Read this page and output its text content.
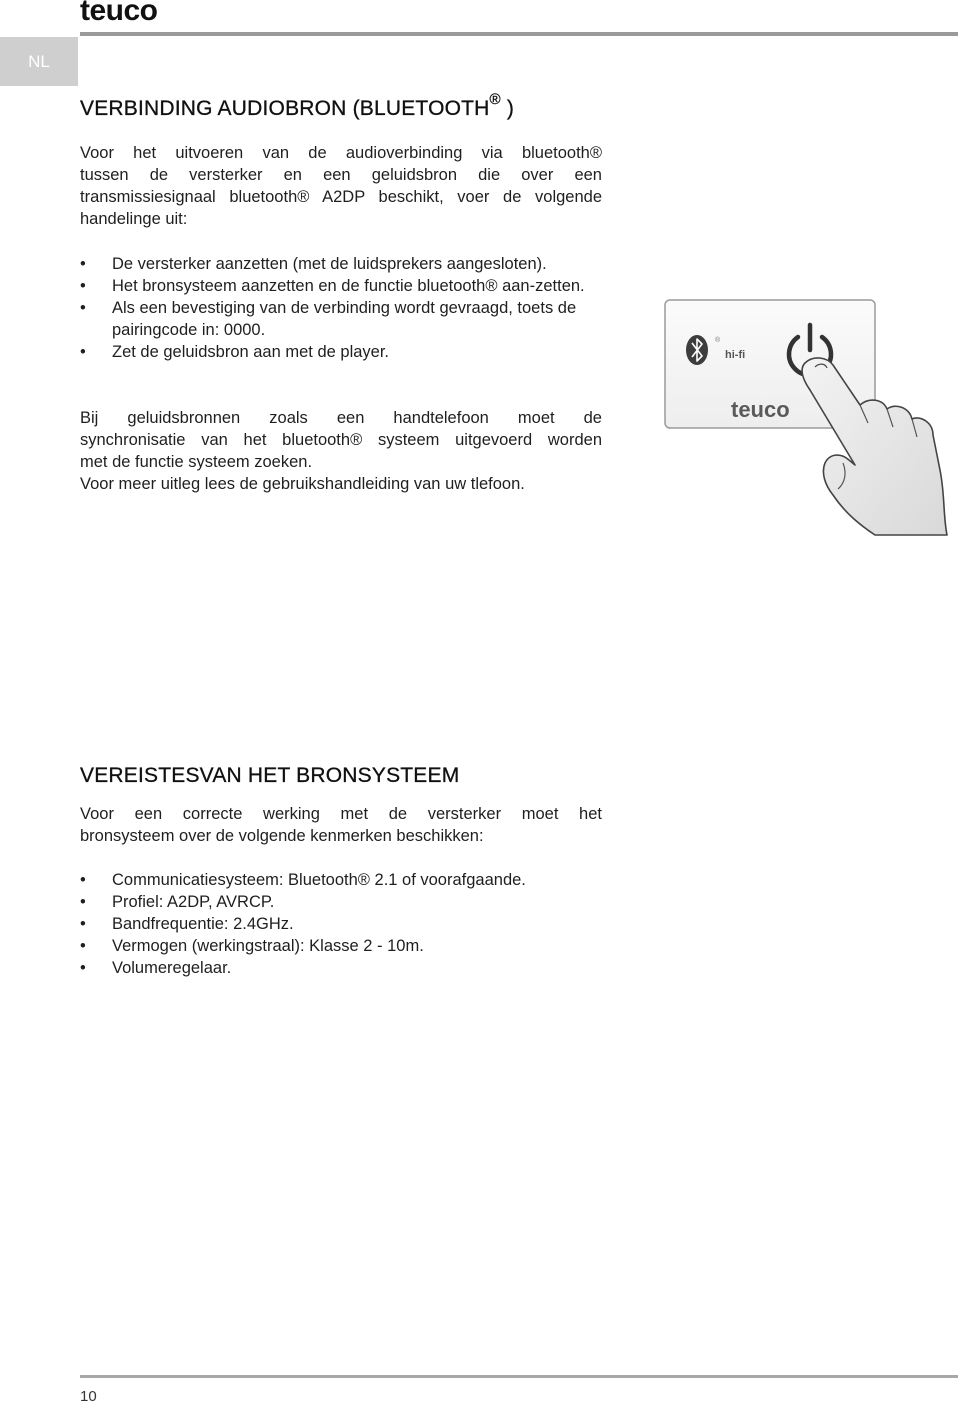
teuco
NL
VERBINDING AUDIOBRON (BLUETOOTH® )

Voor het uitvoeren van de audioverbinding via bluetooth®
tussen de versterker en een geluidsbron die over een
transmissiesignaal bluetooth® A2DP beschikt, voer de volgende
handelinge uit:

• De versterker aanzetten (met de luidsprekers aangesloten).
• Het bronsysteem aanzetten en de functie bluetooth® aan-zetten.
• Als een bevestiging van de verbinding wordt gevraagd, toets de pairingcode in: 0000.
• Zet de geluidsbron aan met de player.

Bij geluidsbronnen zoals een handtelefoon moet de
synchronisatie van het bluetooth® systeem uitgevoerd worden
met de functie systeem zoeken.
Voor meer uitleg lees de gebruikshandleiding van uw tlefoon.

®
hi-fi
teuco
VEREISTESVAN HET BRONSYSTEEM

Voor een correcte werking met de versterker moet het
bronsysteem over de volgende kenmerken beschikken:

• Communicatiesysteem: Bluetooth® 2.1 of voorafgaande.
• Profiel: A2DP, AVRCP.
• Bandfrequentie: 2.4GHz.
• Vermogen (werkingstraal): Klasse 2 - 10m.
• Volumeregelaar.
10
